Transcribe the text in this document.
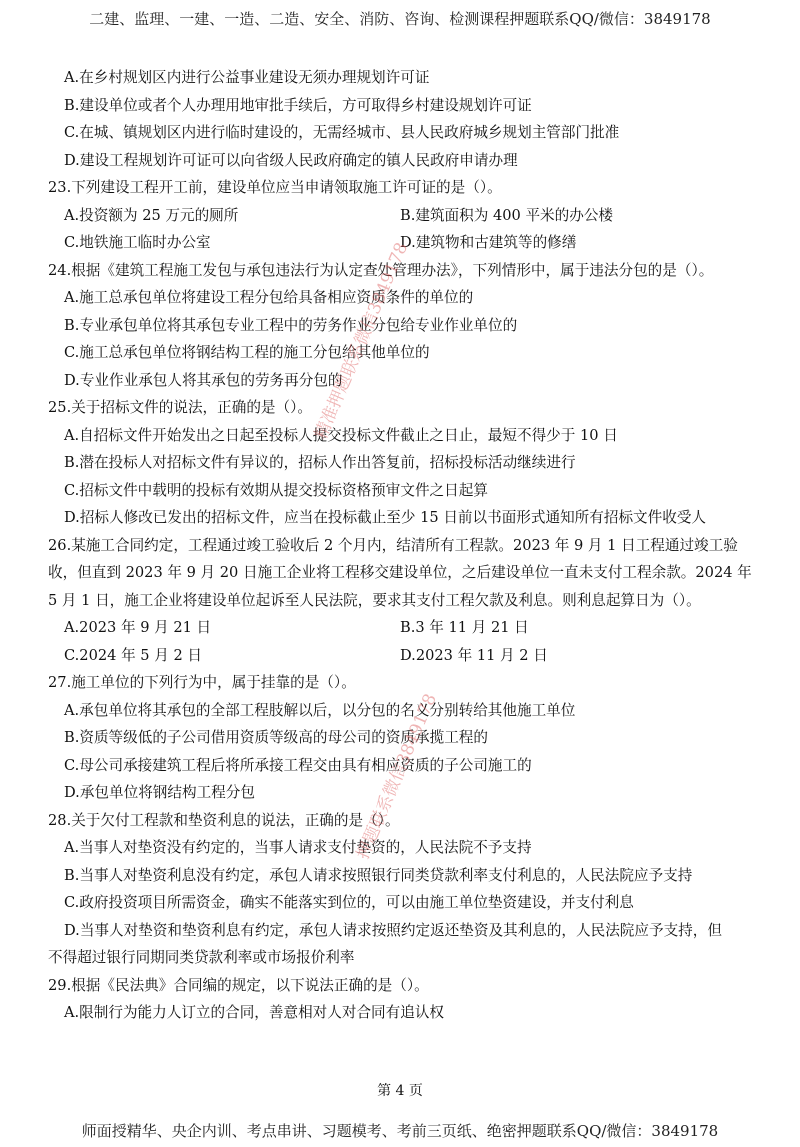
二建、监理、一建、一造、二造、安全、消防、咨询、检测课程押题联系QQ/微信：3849178
A.在乡村规划区内进行公益事业建设无须办理规划许可证
B.建设单位或者个人办理用地审批手续后，方可取得乡村建设规划许可证
C.在城、镇规划区内进行临时建设的，无需经城市、县人民政府城乡规划主管部门批准
D.建设工程规划许可证可以向省级人民政府确定的镇人民政府申请办理
23.下列建设工程开工前，建设单位应当申请领取施工许可证的是（）。
A.投资额为 25 万元的厕所	B.建筑面积为 400 平米的办公楼
C.地铁施工临时办公室	D.建筑物和古建筑等的修缮
24.根据《建筑工程施工发包与承包违法行为认定查处管理办法》，下列情形中，属于违法分包的是（）。
A.施工总承包单位将建设工程分包给具备相应资质条件的单位的
B.专业承包单位将其承包专业工程中的劳务作业分包给专业作业单位的
C.施工总承包单位将钢结构工程的施工分包给其他单位的
D.专业作业承包人将其承包的劳务再分包的
25.关于招标文件的说法，正确的是（）。
A.自招标文件开始发出之日起至投标人提交投标文件截止之日止，最短不得少于 10 日
B.潜在投标人对招标文件有异议的，招标人作出答复前，招标投标活动继续进行
C.招标文件中载明的投标有效期从提交投标资格预审文件之日起算
D.招标人修改已发出的招标文件，应当在投标截止至少 15 日前以书面形式通知所有招标文件收受人
26.某施工合同约定，工程通过竣工验收后 2 个月内，结清所有工程款。2023 年 9 月 1 日工程通过竣工验
收，但直到 2023 年 9 月 20 日施工企业将工程移交建设单位，之后建设单位一直未支付工程余款。2024 年
5 月 1 日，施工企业将建设单位起诉至人民法院，要求其支付工程欠款及利息。则利息起算日为（）。
A.2023 年 9 月 21 日	B.3 年 11 月 21 日
C.2024 年 5 月 2 日	D.2023 年 11 月 2 日
27.施工单位的下列行为中，属于挂靠的是（）。
A.承包单位将其承包的全部工程肢解以后，以分包的名义分别转给其他施工单位
B.资质等级低的子公司借用资质等级高的母公司的资质承揽工程的
C.母公司承接建筑工程后将所承接工程交由具有相应资质的子公司施工的
D.承包单位将钢结构工程分包
28.关于欠付工程款和垫资利息的说法，正确的是（）。
A.当事人对垫资没有约定的，当事人请求支付垫资的，人民法院不予支持
B.当事人对垫资利息没有约定，承包人请求按照银行同类贷款利率支付利息的，人民法院应予支持
C.政府投资项目所需资金，确实不能落实到位的，可以由施工单位垫资建设，并支付利息
D.当事人对垫资和垫资利息有约定，承包人请求按照约定返还垫资及其利息的，人民法院应予支持，但
不得超过银行同期同类贷款利率或市场报价利率
29.根据《民法典》合同编的规定，以下说法正确的是（）。
A.限制行为能力人订立的合同，善意相对人对合同有追认权
精准押题联系微信3849178
押题联系微信3849178
第 4 页
师面授精华、央企内训、考点串讲、习题模考、考前三页纸、绝密押题联系QQ/微信：3849178
